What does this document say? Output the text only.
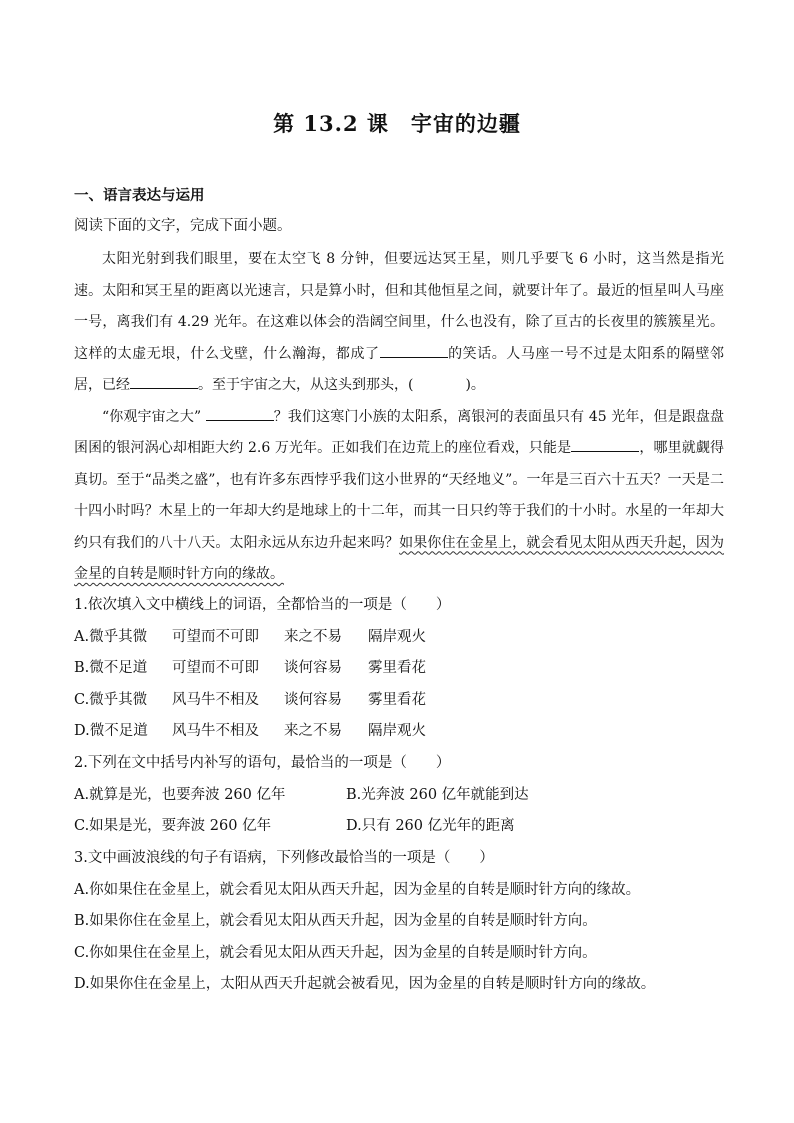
第 13.2 课　宇宙的边疆
一、语言表达与运用
阅读下面的文字，完成下面小题。

太阳光射到我们眼里，要在太空飞 8 分钟，但要远达冥王星，则几乎要飞 6 小时，这当然是指光速。太阳和冥王星的距离以光速言，只是算小时，但和其他恒星之间，就要计年了。最近的恒星叫人马座一号，离我们有 4.29 光年。在这难以体会的浩阔空间里，什么也没有，除了亘古的长夜里的簇簇星光。这样的太虚无垠，什么戈壁，什么瀚海，都成了	的笑话。人马座一号不过是太阳系的隔壁邻居，已经	。至于宇宙之大，从这头到那头，(	)。

“你观宇宙之大”	？我们这寒门小族的太阳系，离银河的表面虽只有 45 光年，但是跟盘盘囷囷的银河涡心却相距大约 2.6 万光年。正如我们在边荒上的座位看戏，只能是	，哪里就觑得真切。至于“品类之盛”，也有许多东西悖乎我们这小世界的“天经地义”。一年是三百六十五天？一天是二十四小时吗？木星上的一年却大约是地球上的十二年，而其一日只约等于我们的十小时。水星的一年却大约只有我们的八十八天。太阳永远从东边升起来吗？如果你住在金星上，就会看见太阳从西天升起，因为金星的自转是顺时针方向的缘故。

1.依次填入文中横线上的词语，全都恰当的一项是（　　）
A.微乎其微 可望而不可即 来之不易 隔岸观火
B.微不足道 可望而不可即 谈何容易 雾里看花
C.微乎其微 风马牛不相及 谈何容易 雾里看花
D.微不足道 风马牛不相及 来之不易 隔岸观火
2.下列在文中括号内补写的语句，最恰当的一项是（　　）
A.就算是光，也要奔波 260 亿年	B.光奔波 260 亿年就能到达
C.如果是光，要奔波 260 亿年	D.只有 260 亿光年的距离
3.文中画波浪线的句子有语病，下列修改最恰当的一项是（　　）
A.你如果住在金星上，就会看见太阳从西天升起，因为金星的自转是顺时针方向的缘故。
B.如果你住在金星上，就会看见太阳从西天升起，因为金星的自转是顺时针方向。
C.你如果住在金星上，就会看见太阳从西天升起，因为金星的自转是顺时针方向。
D.如果你住在金星上，太阳从西天升起就会被看见，因为金星的自转是顺时针方向的缘故。
